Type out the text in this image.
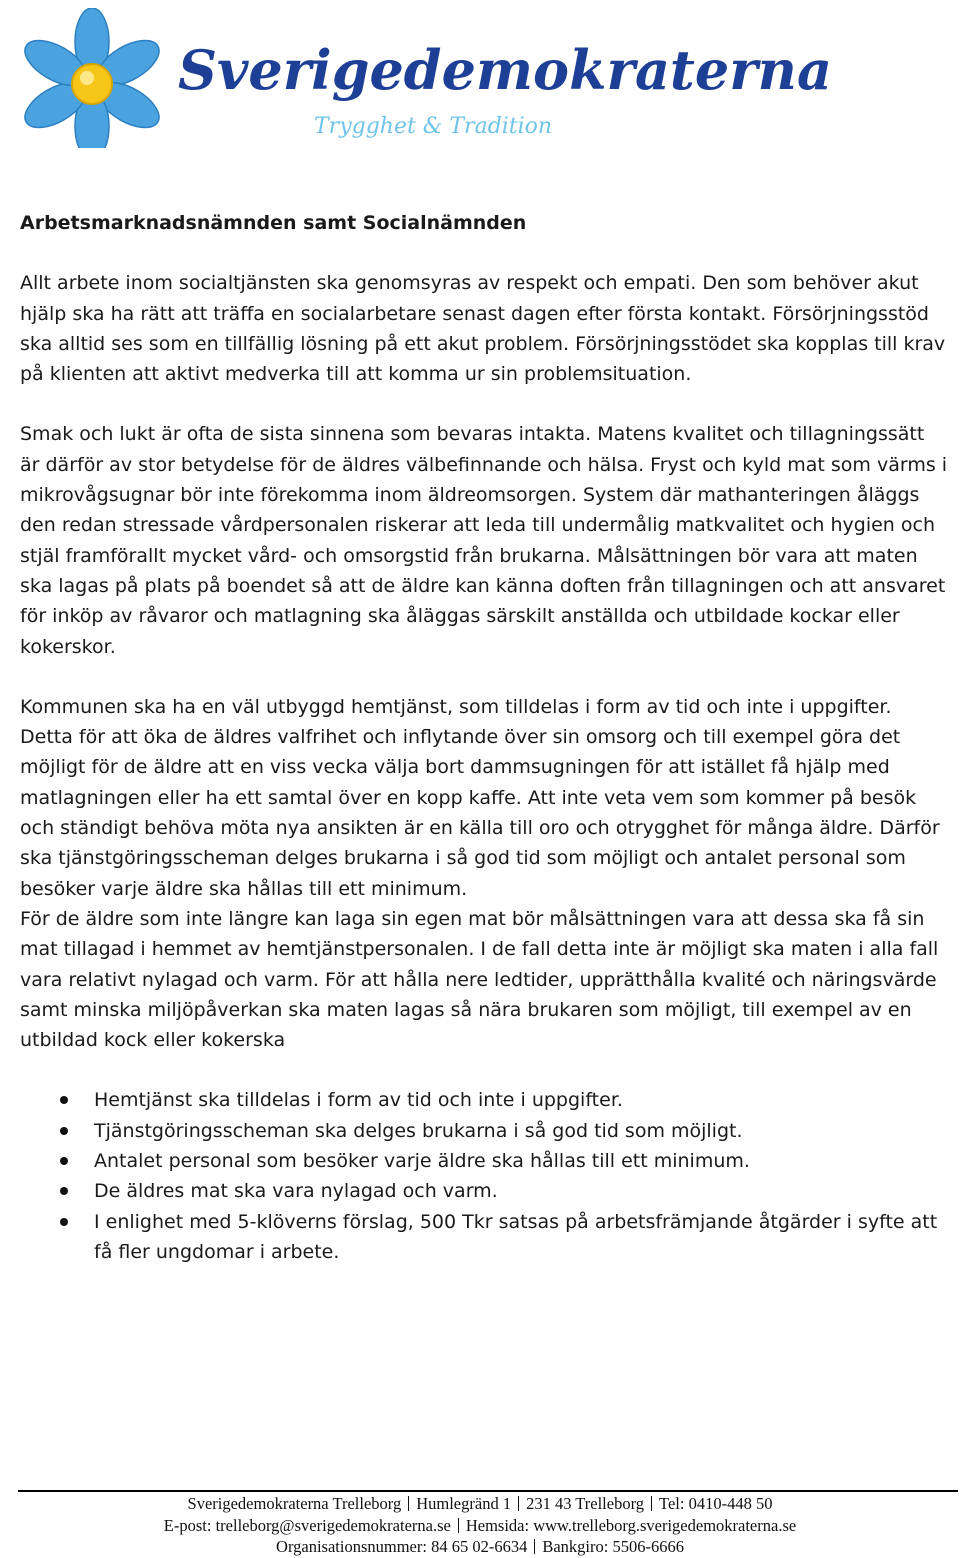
Sverigedemokraterna
Trygghet & Tradition
Arbetsmarknadsnämnden samt Socialnämnden

Allt arbete inom socialtjänsten ska genomsyras av respekt och empati. Den som behöver akut hjälp ska ha rätt att träffa en socialarbetare senast dagen efter första kontakt. Försörjningsstöd ska alltid ses som en tillfällig lösning på ett akut problem. Försörjningsstödet ska kopplas till krav på klienten att aktivt medverka till att komma ur sin problemsituation.

Smak och lukt är ofta de sista sinnena som bevaras intakta. Matens kvalitet och tillagningssätt är därför av stor betydelse för de äldres välbefinnande och hälsa. Fryst och kyld mat som värms i mikrovågsugnar bör inte förekomma inom äldreomsorgen. System där mathanteringen åläggs den redan stressade vårdpersonalen riskerar att leda till undermålig matkvalitet och hygien och stjäl framförallt mycket vård- och omsorgstid från brukarna. Målsättningen bör vara att maten ska lagas på plats på boendet så att de äldre kan känna doften från tillagningen och att ansvaret för inköp av råvaror och matlagning ska åläggas särskilt anställda och utbildade kockar eller kokerskor.

Kommunen ska ha en väl utbyggd hemtjänst, som tilldelas i form av tid och inte i uppgifter. Detta för att öka de äldres valfrihet och inflytande över sin omsorg och till exempel göra det möjligt för de äldre att en viss vecka välja bort dammsugningen för att istället få hjälp med matlagningen eller ha ett samtal över en kopp kaffe. Att inte veta vem som kommer på besök och ständigt behöva möta nya ansikten är en källa till oro och otrygghet för många äldre. Därför ska tjänstgöringsscheman delges brukarna i så god tid som möjligt och antalet personal som besöker varje äldre ska hållas till ett minimum.

För de äldre som inte längre kan laga sin egen mat bör målsättningen vara att dessa ska få sin mat tillagad i hemmet av hemtjänstpersonalen. I de fall detta inte är möjligt ska maten i alla fall vara relativt nylagad och varm. För att hålla nere ledtider, upprätthålla kvalité och näringsvärde samt minska miljöpåverkan ska maten lagas så nära brukaren som möjligt, till exempel av en utbildad kock eller kokerska

Hemtjänst ska tilldelas i form av tid och inte i uppgifter.
Tjänstgöringsscheman ska delges brukarna i så god tid som möjligt.
Antalet personal som besöker varje äldre ska hållas till ett minimum.
De äldres mat ska vara nylagad och varm.
I enlighet med 5-klöverns förslag, 500 Tkr satsas på arbetsfrämjande åtgärder i syfte att få fler ungdomar i arbete.
Sverigedemokraterna Trelleborg Humlegränd 1 231 43 Trelleborg Tel: 0410-448 50
E-post: trelleborg@sverigedemokraterna.se Hemsida: www.trelleborg.sverigedemokraterna.se
Organisationsnummer: 84 65 02-6634 Bankgiro: 5506-6666
